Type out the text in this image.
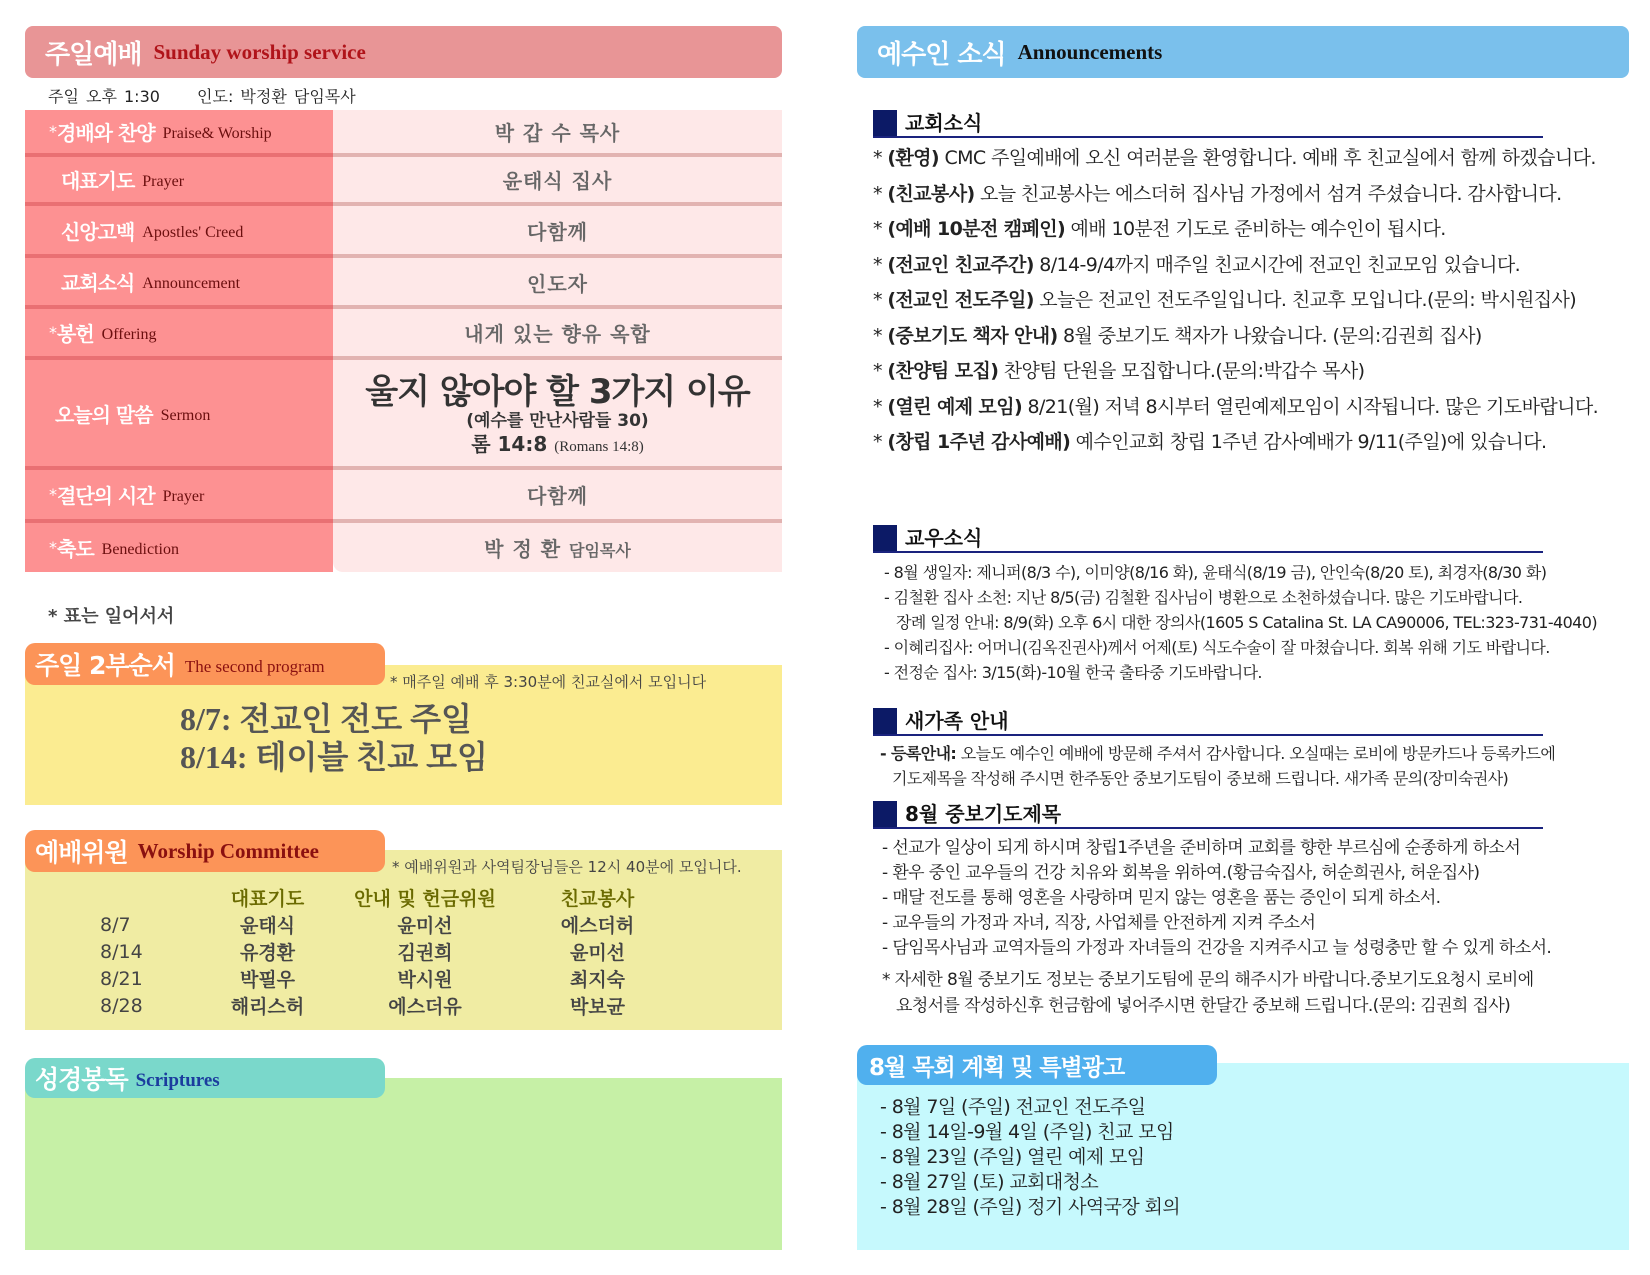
주일예배 Sunday worship service
주일 오후 1:30 인도: 박정환 담임목사
* 경배와 찬양 Praise& Worship	박 갑 수 목사
대표기도 Prayer	윤태식 집사
신앙고백 Apostles' Creed	다함께
교회소식 Announcement	인도자
* 봉헌 Offering	내게 있는 향유 옥합
오늘의 말씀 Sermon
울지 않아야 할 3가지 이유
(예수를 만난사람들 30)
롬 14:8 (Romans 14:8)
* 결단의 시간 Prayer	다함께
* 축도 Benediction	박 정 환 담임목사
* 표는 일어서서
주일 2부순서 The second program
* 매주일 예배 후 3:30분에 친교실에서 모입니다
8/7: 전교인 전도 주일
8/14: 테이블 친교 모임
예배위원 Worship Committee
* 예배위원과 사역팀장님들은 12시 40분에 모입니다.
	대표기도	안내 및 헌금위원	친교봉사
8/7	윤태식	윤미선	에스더허
8/14	유경환	김권희	윤미선
8/21	박필우	박시원	최지숙
8/28	해리스허	에스더유	박보균
성경봉독 Scriptures
예수인 소식 Announcements
교회소식
* (환영) CMC 주일예배에 오신 여러분을 환영합니다. 예배 후 친교실에서 함께 하겠습니다.
* (친교봉사) 오늘 친교봉사는 에스더허 집사님 가정에서 섬겨 주셨습니다. 감사합니다.
* (예배 10분전 캠페인) 예배 10분전 기도로 준비하는 예수인이 됩시다.
* (전교인 친교주간) 8/14-9/4까지 매주일 친교시간에 전교인 친교모임 있습니다.
* (전교인 전도주일) 오늘은 전교인 전도주일입니다. 친교후 모입니다.(문의: 박시원집사)
* (중보기도 책자 안내) 8월 중보기도 책자가 나왔습니다. (문의:김권희 집사)
* (찬양팀 모집) 찬양팀 단원을 모집합니다.(문의:박갑수 목사)
* (열린 예제 모임) 8/21(월) 저녁 8시부터 열린예제모임이 시작됩니다. 많은 기도바랍니다.
* (창립 1주년 감사예배) 예수인교회 창립 1주년 감사예배가 9/11(주일)에 있습니다.
교우소식
- 8월 생일자: 제니퍼(8/3 수), 이미양(8/16 화), 윤태식(8/19 금), 안인숙(8/20 토), 최경자(8/30 화)
- 김철환 집사 소천: 지난 8/5(금) 김철환 집사님이 병환으로 소천하셨습니다. 많은 기도바랍니다.
장례 일정 안내: 8/9(화) 오후 6시 대한 장의사(1605 S Catalina St. LA CA90006, TEL:323-731-4040)
- 이혜리집사: 어머니(김옥진권사)께서 어제(토) 식도수술이 잘 마쳤습니다. 회복 위해 기도 바랍니다.
- 전정순 집사: 3/15(화)-10월 한국 출타중 기도바랍니다.
새가족 안내
- 등록안내: 오늘도 예수인 예배에 방문해 주셔서 감사합니다. 오실때는 로비에 방문카드나 등록카드에
기도제목을 작성해 주시면 한주동안 중보기도팀이 중보해 드립니다. 새가족 문의(장미숙권사)
8월 중보기도제목
- 선교가 일상이 되게 하시며 창립1주년을 준비하며 교회를 향한 부르심에 순종하게 하소서
- 환우 중인 교우들의 건강 치유와 회복을 위하여.(황금숙집사, 허순희권사, 허운집사)
- 매달 전도를 통해 영혼을 사랑하며 믿지 않는 영혼을 품는 증인이 되게 하소서.
- 교우들의 가정과 자녀, 직장, 사업체를 안전하게 지켜 주소서
- 담임목사님과 교역자들의 가정과 자녀들의 건강을 지켜주시고 늘 성령충만 할 수 있게 하소서.
* 자세한 8월 중보기도 정보는 중보기도팀에 문의 해주시가 바랍니다.중보기도요청시 로비에
요청서를 작성하신후 헌금함에 넣어주시면 한달간 중보해 드립니다.(문의: 김권희 집사)
8월 목회 계획 및 특별광고
- 8월 7일 (주일) 전교인 전도주일
- 8월 14일-9월 4일 (주일) 친교 모임
- 8월 23일 (주일) 열린 예제 모임
- 8월 27일 (토) 교회대청소
- 8월 28일 (주일) 정기 사역국장 회의
